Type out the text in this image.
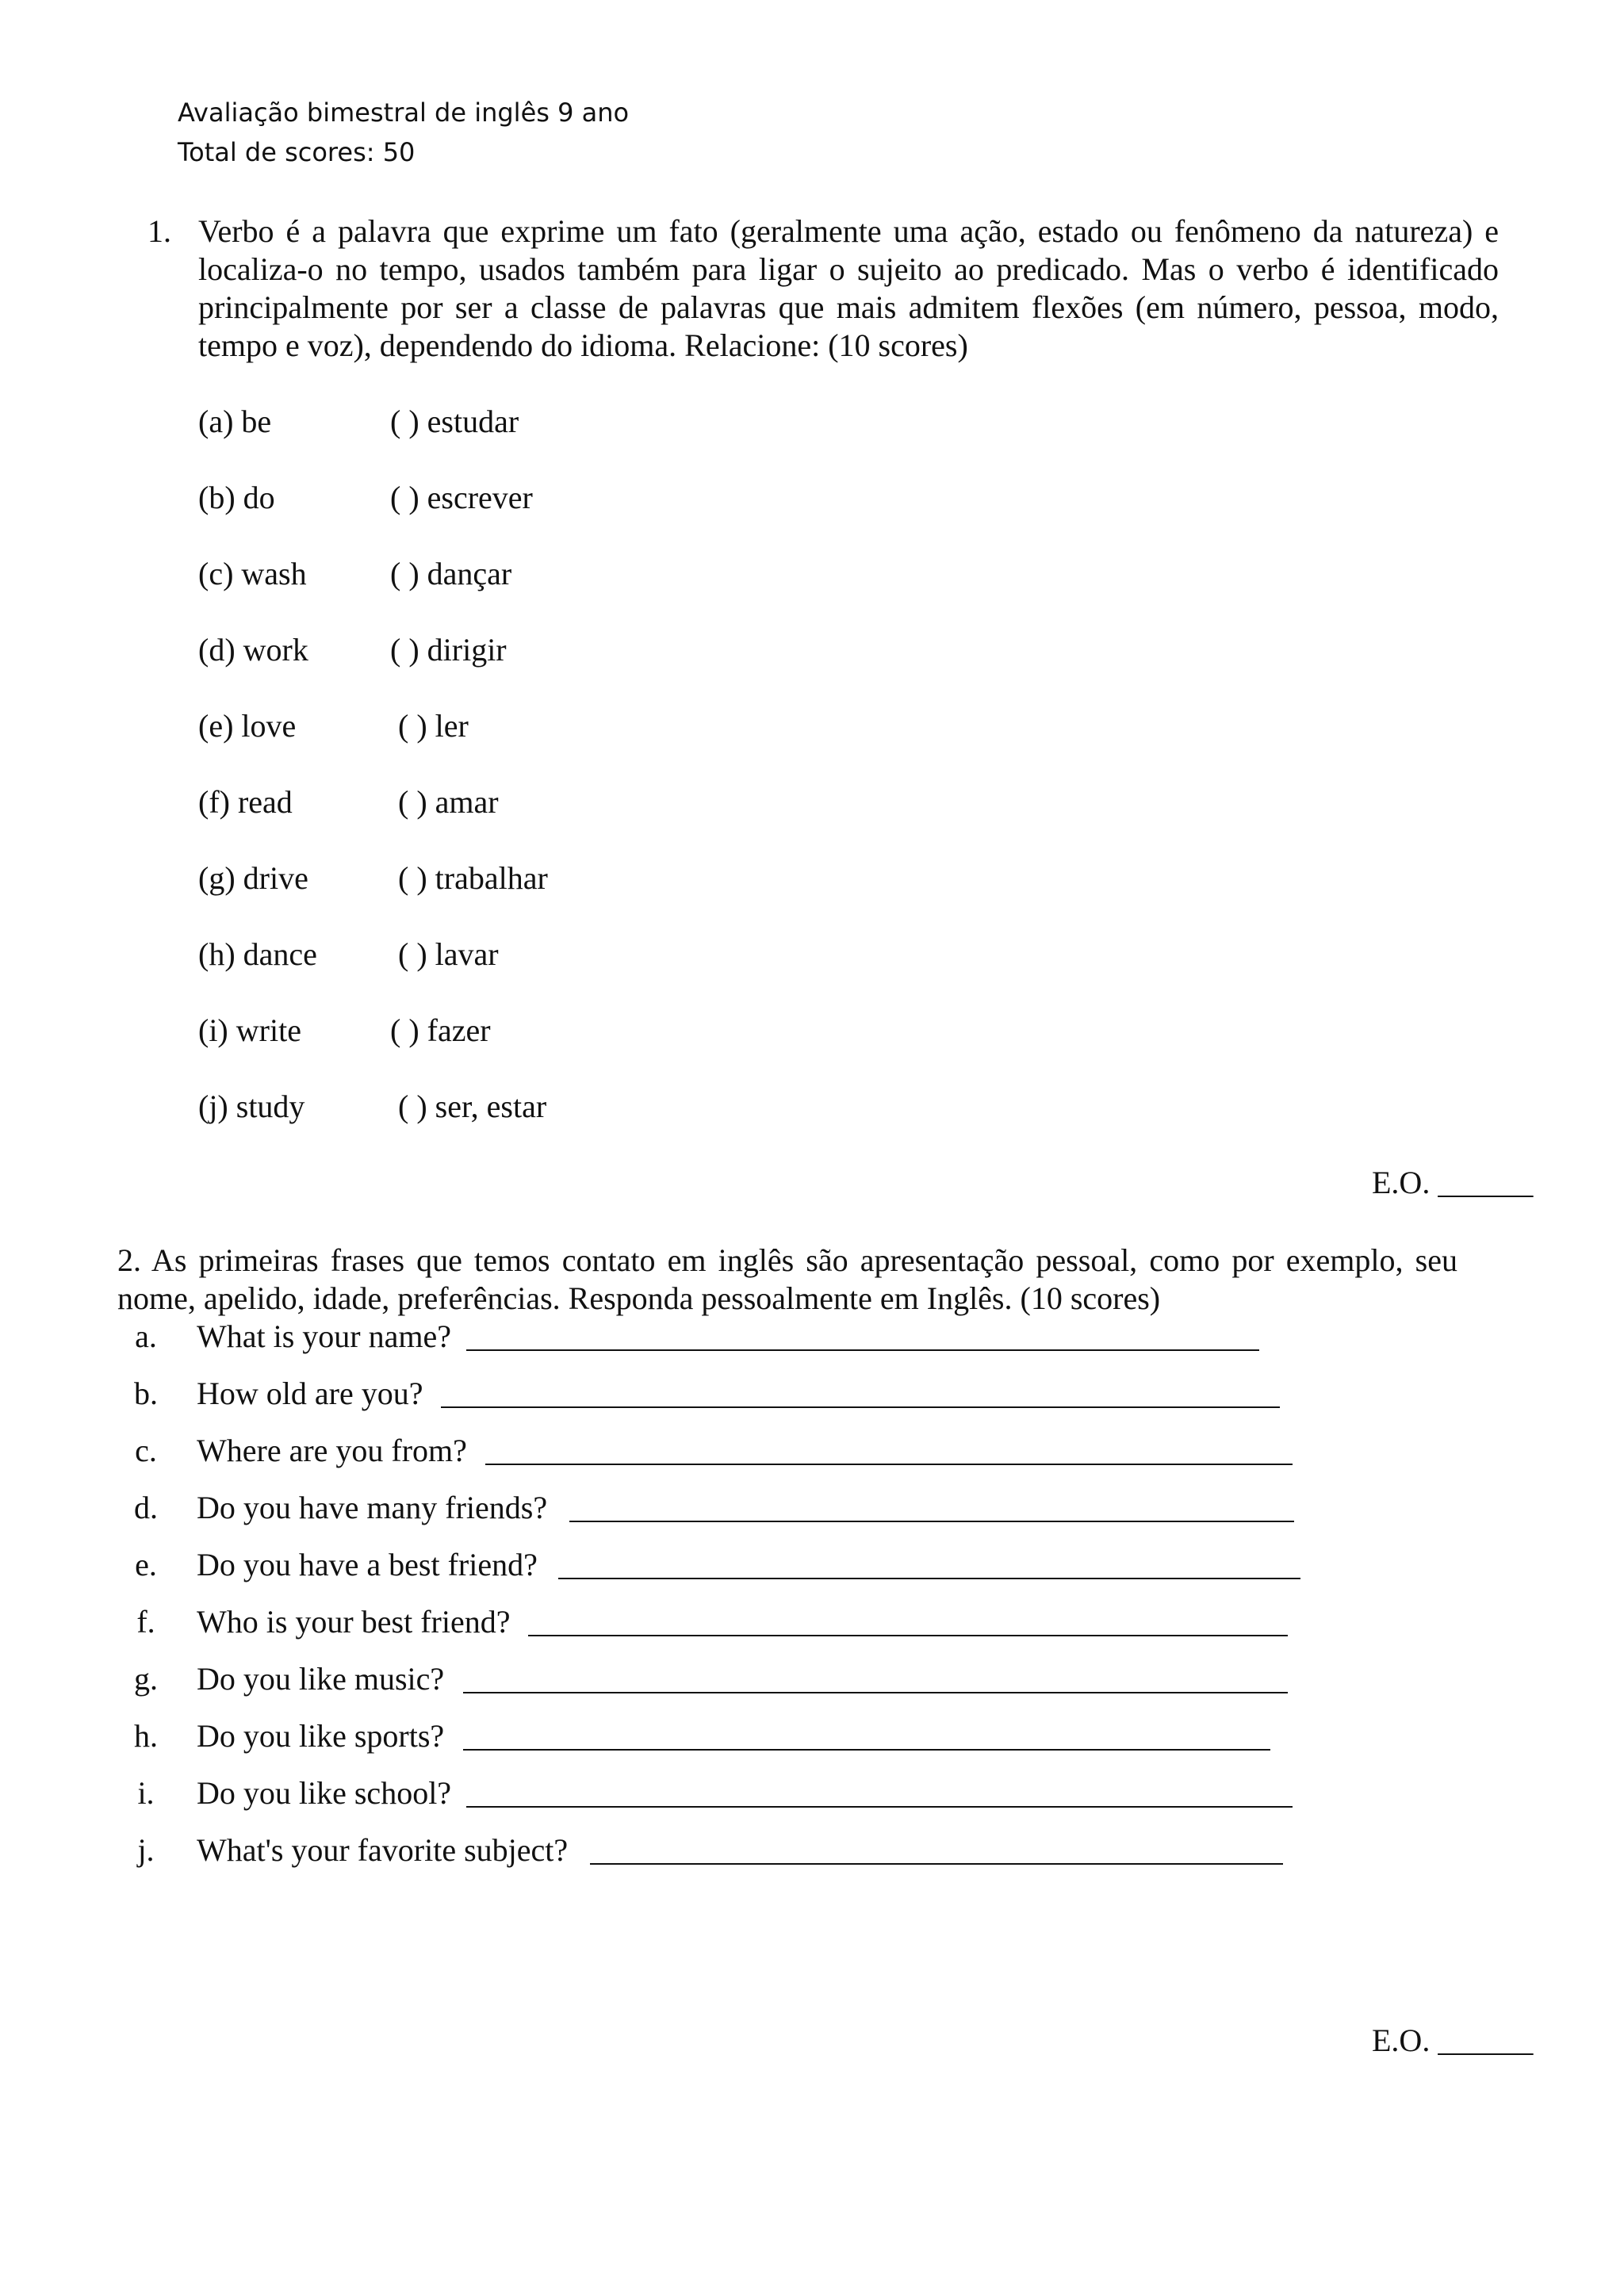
Avaliação bimestral de inglês 9 ano
Total de scores: 50
1. Verbo é a palavra que exprime um fato (geralmente uma ação, estado ou fenômeno da natureza) e localiza-o no tempo, usados também para ligar o sujeito ao predicado. Mas o verbo é identificado principalmente por ser a classe de palavras que mais admitem flexões (em número, pessoa, modo, tempo e voz), dependendo do idioma. Relacione: (10 scores)
(a) be	( ) estudar
(b) do	( ) escrever
(c) wash	( ) dançar
(d) work	( ) dirigir
(e) love	( ) ler
(f) read	( ) amar
(g) drive	( ) trabalhar
(h) dance	( ) lavar
(i) write	( ) fazer
(j) study	( ) ser, estar
E.O. ______
2. As primeiras frases que temos contato em inglês são apresentação pessoal, como por exemplo, seu nome, apelido, idade, preferências. Responda pessoalmente em Inglês. (10 scores)
a. What is your name?
b. How old are you?
c. Where are you from?
d. Do you have many friends?
e. Do you have a best friend?
f. Who is your best friend?
g. Do you like music?
h. Do you like sports?
i. Do you like school?
j. What's your favorite subject?
E.O. ______
